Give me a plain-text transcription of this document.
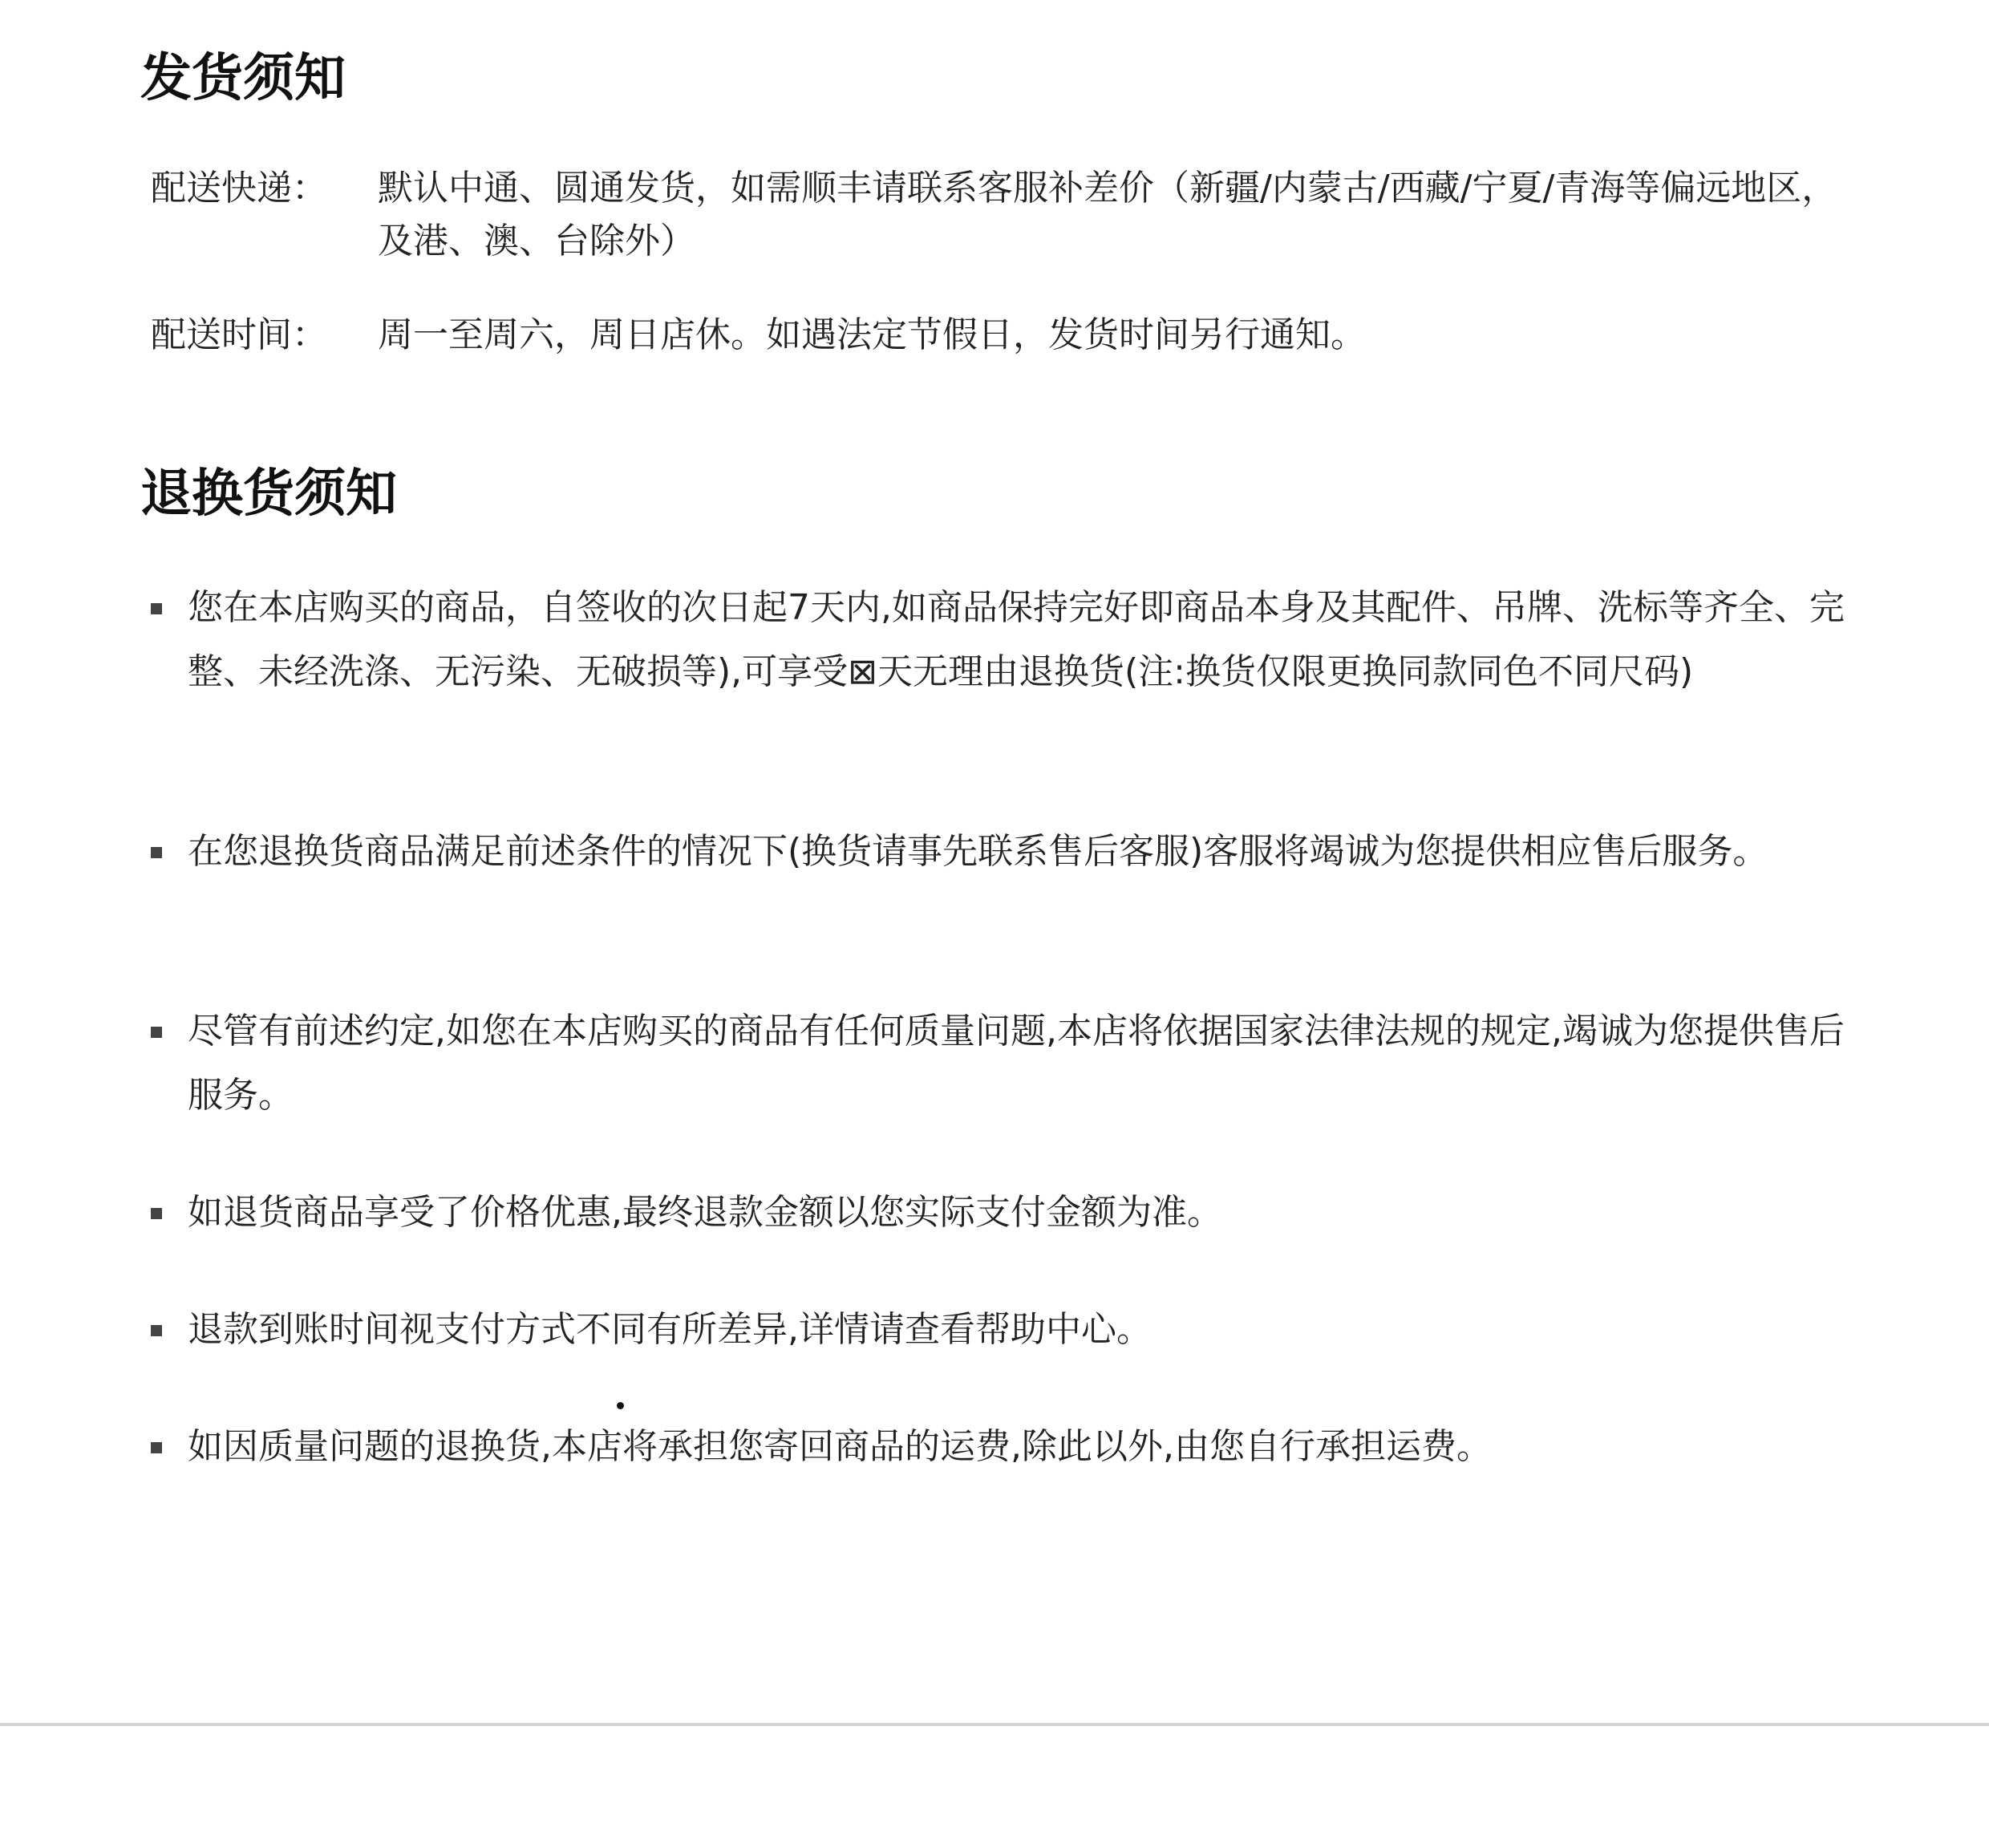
发货须知
配送快递：	默认中通、圆通发货，如需顺丰请联系客服补差价（新疆/内蒙古/西藏/宁夏/青海等偏远地区，及港、澳、台除外）
配送时间：	周一至周六，周日店休。如遇法定节假日，发货时间另行通知。
退换货须知
您在本店购买的商品，自签收的次日起7天内,如商品保持完好即商品本身及其配件、吊牌、洗标等齐全、完整、未经洗涤、无污染、无破损等),可享受⊠天无理由退换货(注:换货仅限更换同款同色不同尺码)
在您退换货商品满足前述条件的情况下(换货请事先联系售后客服)客服将竭诚为您提供相应售后服务。
尽管有前述约定,如您在本店购买的商品有任何质量问题,本店将依据国家法律法规的规定,竭诚为您提供售后服务。
如退货商品享受了价格优惠,最终退款金额以您实际支付金额为准。
退款到账时间视支付方式不同有所差异,详情请查看帮助中心。
如因质量问题的退换货,本店将承担您寄回商品的运费,除此以外,由您自行承担运费。
